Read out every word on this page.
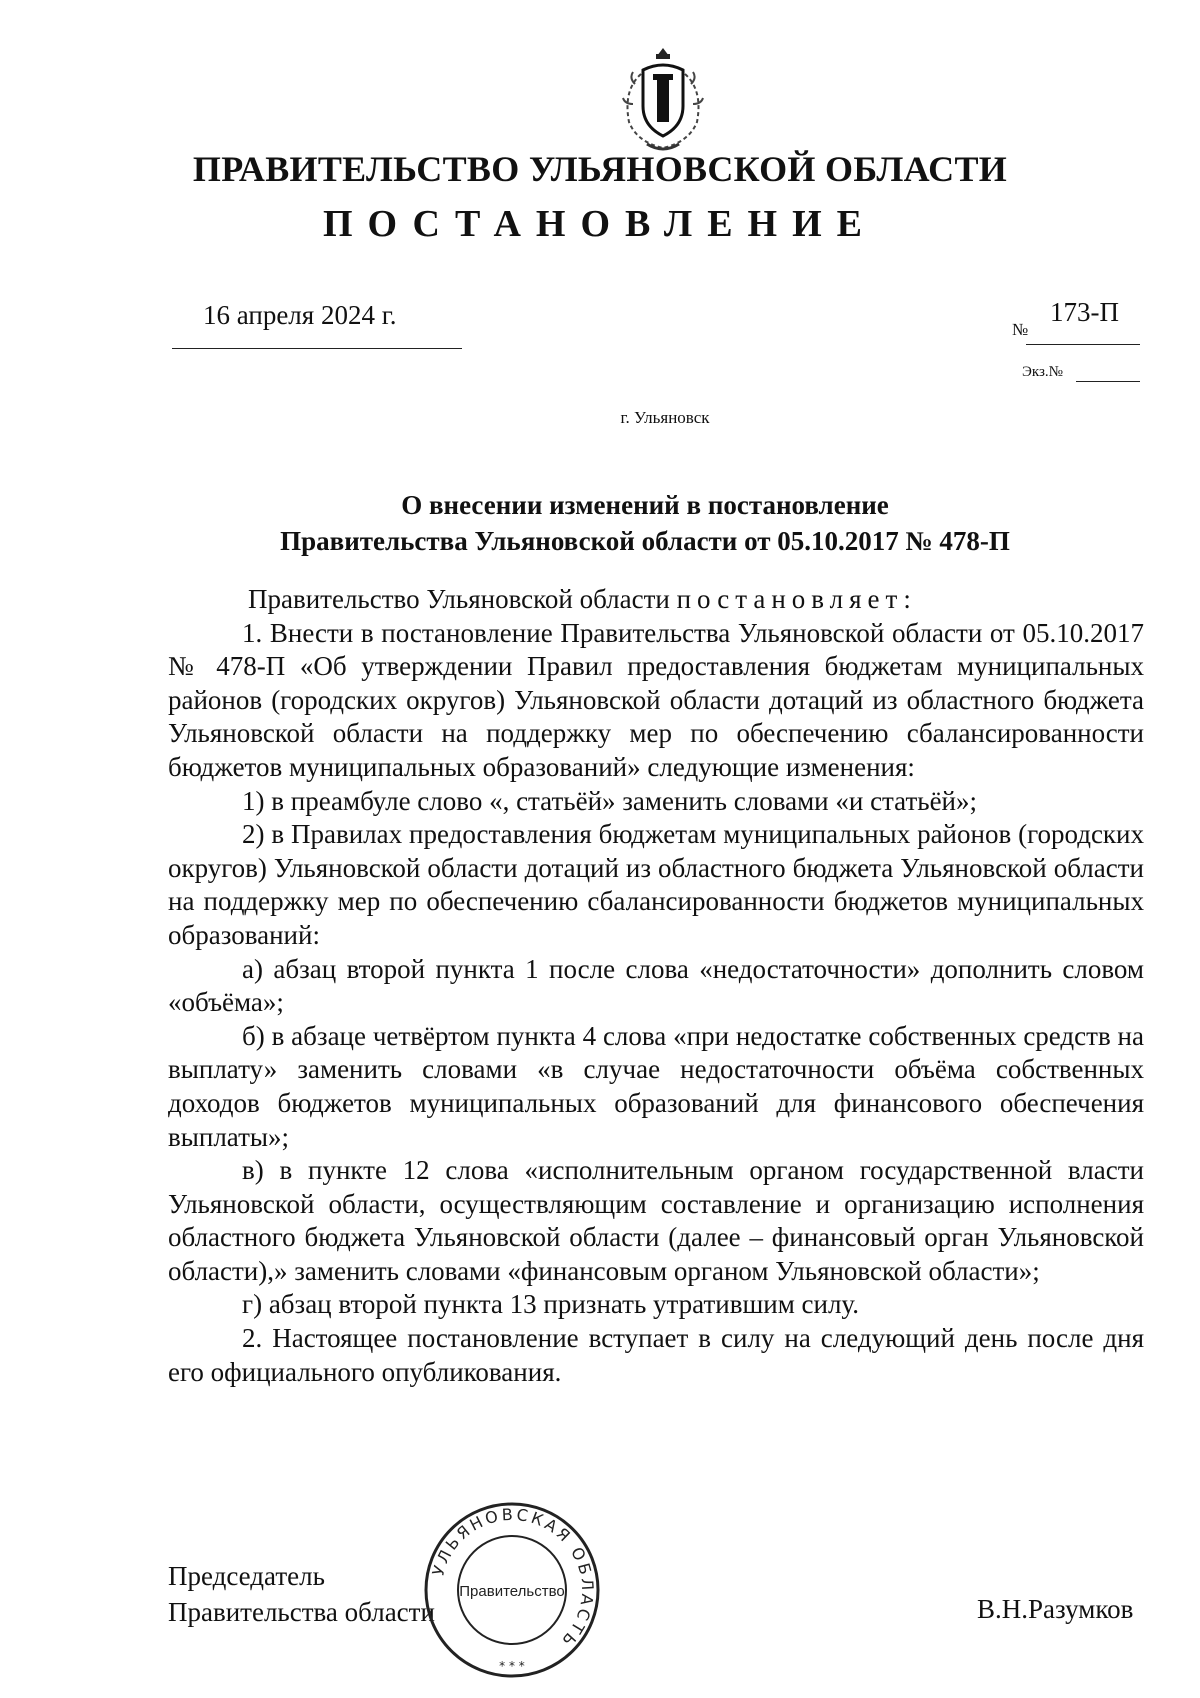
ПРАВИТЕЛЬСТВО УЛЬЯНОВСКОЙ ОБЛАСТИ
ПОСТАНОВЛЕНИЕ
16 апреля 2024 г.	№
173-П
Экз.№
г. Ульяновск
О внесении изменений в постановление
Правительства Ульяновской области от 05.10.2017 № 478-П

Правительство Ульяновской области постановляет:

1. Внести в постановление Правительства Ульяновской области от 05.10.2017 № 478-П «Об утверждении Правил предоставления бюджетам муниципальных районов (городских округов) Ульяновской области дотаций из областного бюджета Ульяновской области на поддержку мер по обеспечению сбалансированности бюджетов муниципальных образований» следующие изменения:

1) в преамбуле слово «, статьёй» заменить словами «и статьёй»;

2) в Правилах предоставления бюджетам муниципальных районов (городских округов) Ульяновской области дотаций из областного бюджета Ульяновской области на поддержку мер по обеспечению сбалансированности бюджетов муниципальных образований:

а) абзац второй пункта 1 после слова «недостаточности» дополнить словом «объёма»;

б) в абзаце четвёртом пункта 4 слова «при недостатке собственных средств на выплату» заменить словами «в случае недостаточности объёма собственных доходов бюджетов муниципальных образований для финансового обеспечения выплаты»;

в) в пункте 12 слова «исполнительным органом государственной власти Ульяновской области, осуществляющим составление и организацию исполнения областного бюджета Ульяновской области (далее – финансовый орган Ульяновской области),» заменить словами «финансовым органом Ульяновской области»;

г) абзац второй пункта 13 признать утратившим силу.

2. Настоящее постановление вступает в силу на следующий день после дня его официального опубликования.

Председатель
Правительства области	В.Н.Разумков
УЛЬЯНОВСКАЯ ОБЛАСТЬ
Правительство
* * *
